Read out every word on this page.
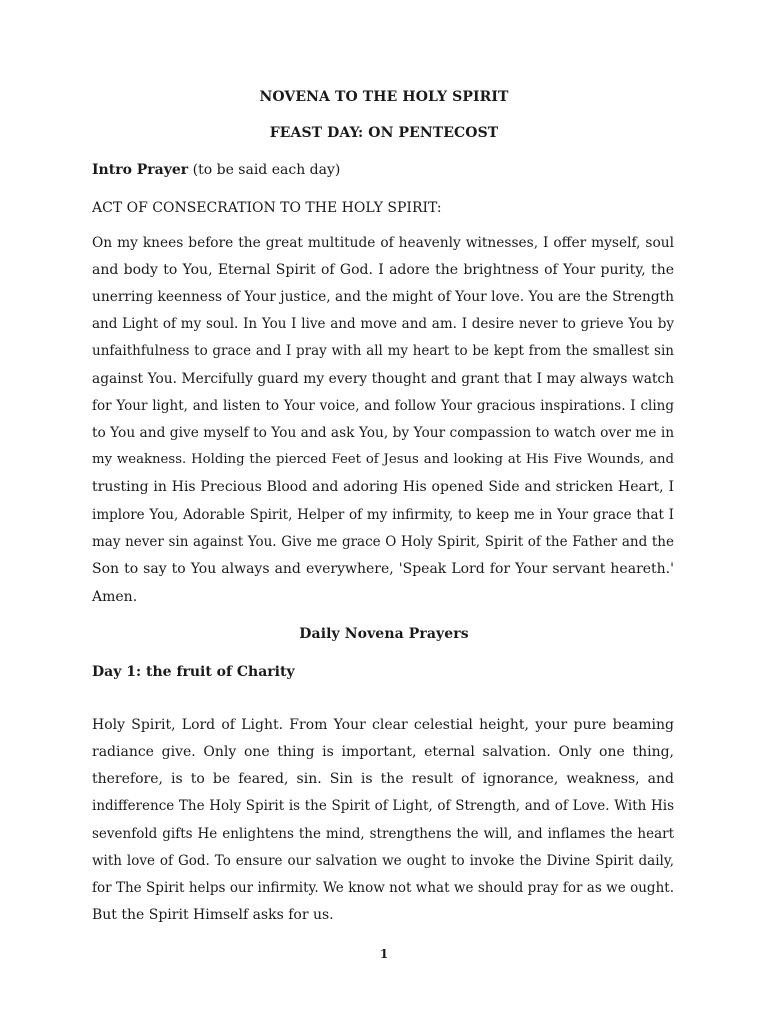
NOVENA TO THE HOLY SPIRIT
FEAST DAY: ON PENTECOST
Intro Prayer (to be said each day)
ACT OF CONSECRATION TO THE HOLY SPIRIT:
On my knees before the great multitude of heavenly witnesses, I offer myself, soul
and body to You, Eternal Spirit of God. I adore the brightness of Your purity, the
unerring keenness of Your justice, and the might of Your love. You are the Strength
and Light of my soul. In You I live and move and am. I desire never to grieve You by
unfaithfulness to grace and I pray with all my heart to be kept from the smallest sin
against You. Mercifully guard my every thought and grant that I may always watch
for Your light, and listen to Your voice, and follow Your gracious inspirations. I cling
to You and give myself to You and ask You, by Your compassion to watch over me in
my weakness. Holding the pierced Feet of Jesus and looking at His Five Wounds, and
trusting in His Precious Blood and adoring His opened Side and stricken Heart, I
implore You, Adorable Spirit, Helper of my infirmity, to keep me in Your grace that I
may never sin against You. Give me grace O Holy Spirit, Spirit of the Father and the
Son to say to You always and everywhere, 'Speak Lord for Your servant heareth.'
Amen.
Daily Novena Prayers
Day 1: the fruit of Charity
Holy Spirit, Lord of Light. From Your clear celestial height, your pure beaming
radiance give. Only one thing is important, eternal salvation. Only one thing,
therefore, is to be feared, sin. Sin is the result of ignorance, weakness, and
indifference The Holy Spirit is the Spirit of Light, of Strength, and of Love. With His
sevenfold gifts He enlightens the mind, strengthens the will, and inflames the heart
with love of God. To ensure our salvation we ought to invoke the Divine Spirit daily,
for The Spirit helps our infirmity. We know not what we should pray for as we ought.
But the Spirit Himself asks for us.
1
